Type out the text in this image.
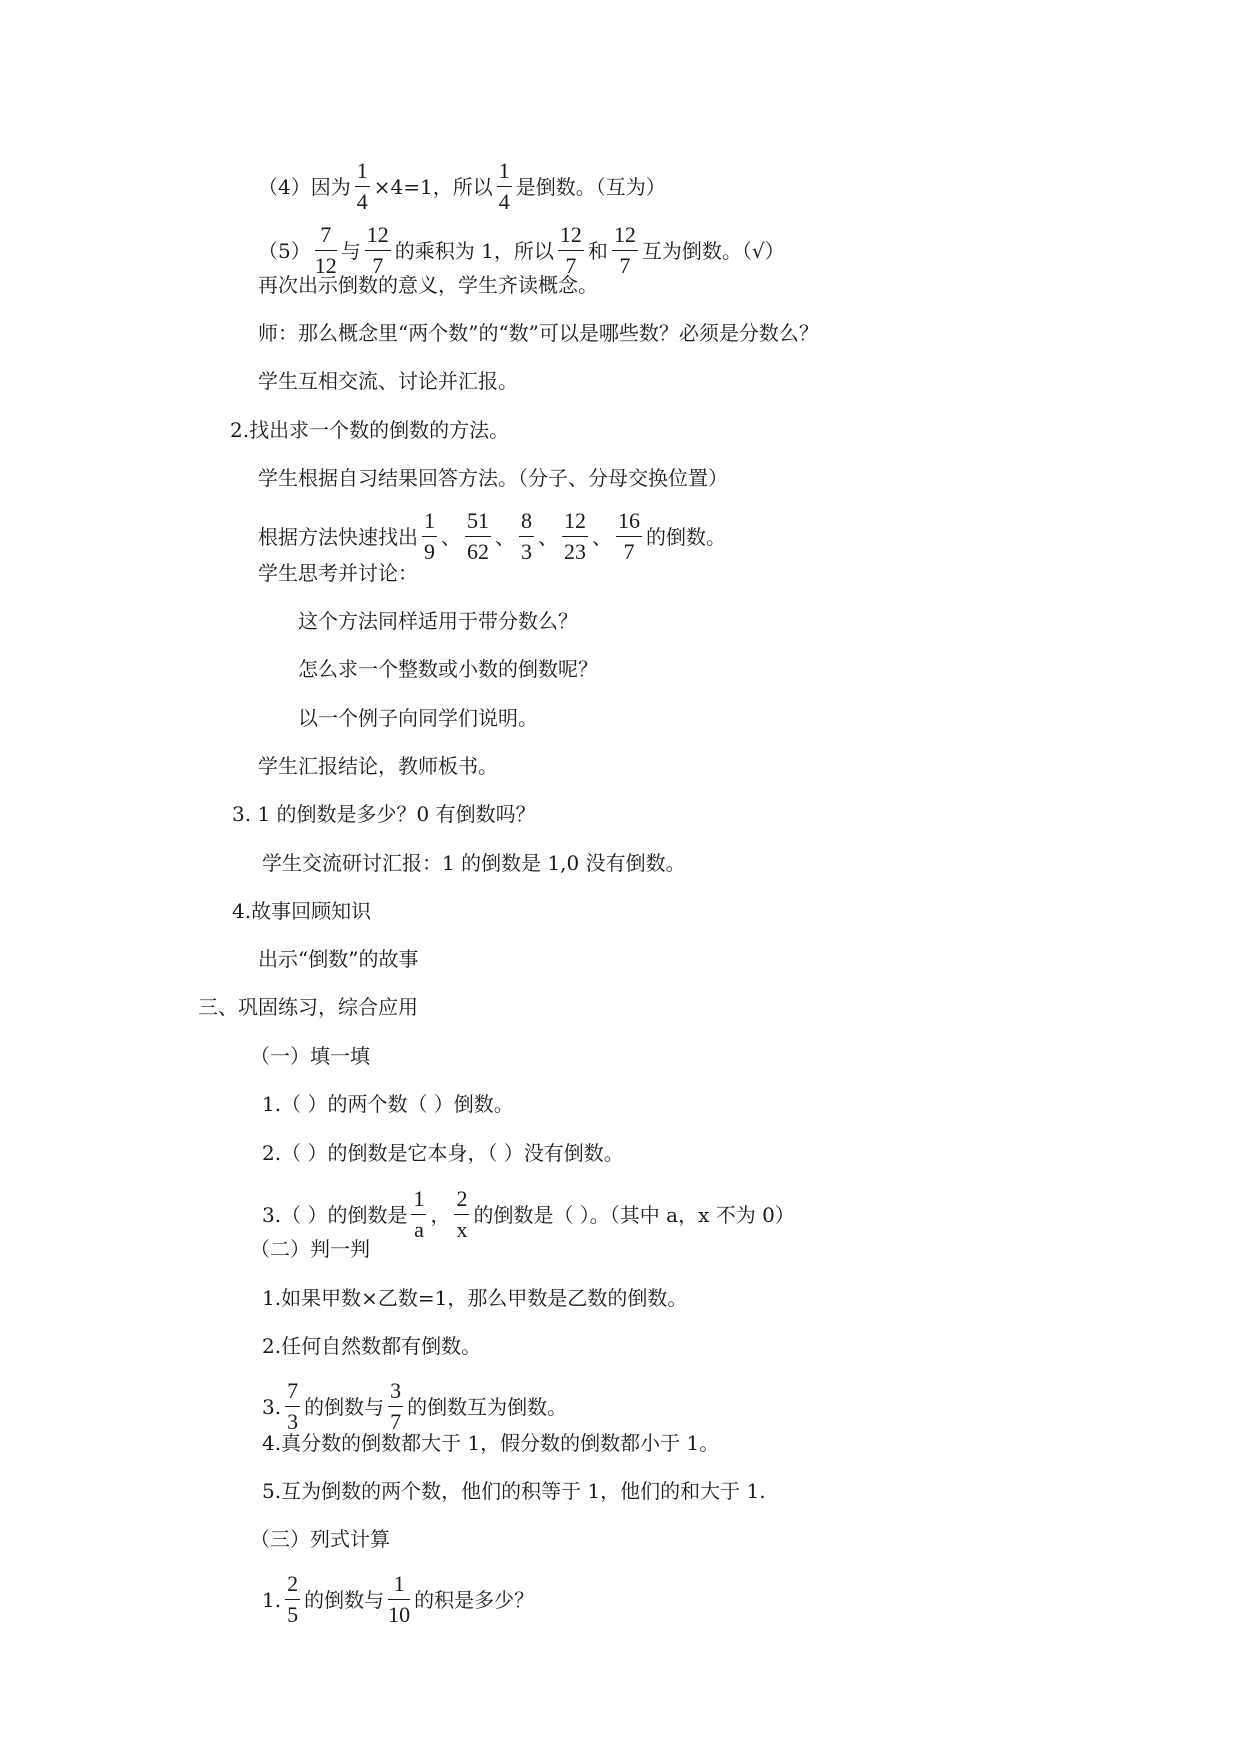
（4）因为 $\frac{1}{4} \times 4=1$，所以 $\frac{1}{4}$ 是倒数。（互为）
$(5) \frac{7}{12}$ 与 $\frac{12}{7}$ 的乘积为 1，所以 $\frac{12}{7}$ 和 $\frac{12}{7}$ 互为倒数。（√）
再次出示倒数的意义，学生齐读概念。
师：那么概念里“两个数”的“数”可以是哪些数？必须是分数么？
学生互相交流、讨论并汇报。
2.找出求一个数的倒数的方法。
学生根据自习结果回答方法。（分子、分母交换位置）
根据方法快速找出 $\frac{1}{9}$ 、 $\frac{51}{62}$ 、 $\frac{8}{3}$ 、 $\frac{12}{23}$ 、 $\frac{16}{7}$ 的倒数。
学生思考并讨论：
这个方法同样适用于带分数么？
怎么求一个整数或小数的倒数呢？
以一个例子向同学们说明。
学生汇报结论，教师板书。
3. 1 的倒数是多少？0 有倒数吗？
学生交流研讨汇报：1 的倒数是 1,0 没有倒数。
4.故事回顾知识
出示“倒数”的故事
三、巩固练习，综合应用
（一）填一填
1.（ ）的两个数（ ）倒数。
2.（ ）的倒数是它本身，（ ）没有倒数。
3.（ ）的倒数是 $\frac{1}{a}$ ， $\frac{2}{x}$ 的倒数是（ ）。（其中 a，x 不为 0）
（二）判一判
1.如果甲数×乙数=1，那么甲数是乙数的倒数。
2.任何自然数都有倒数。
3. $\frac{7}{3}$ 的倒数与 $\frac{3}{7}$ 的倒数互为倒数。
4.真分数的倒数都大于 1，假分数的倒数都小于 1。
5.互为倒数的两个数，他们的积等于 1，他们的和大于 1.
（三）列式计算
1. $\frac{2}{5}$ 的倒数与 $\frac{1}{10}$ 的积是多少？
